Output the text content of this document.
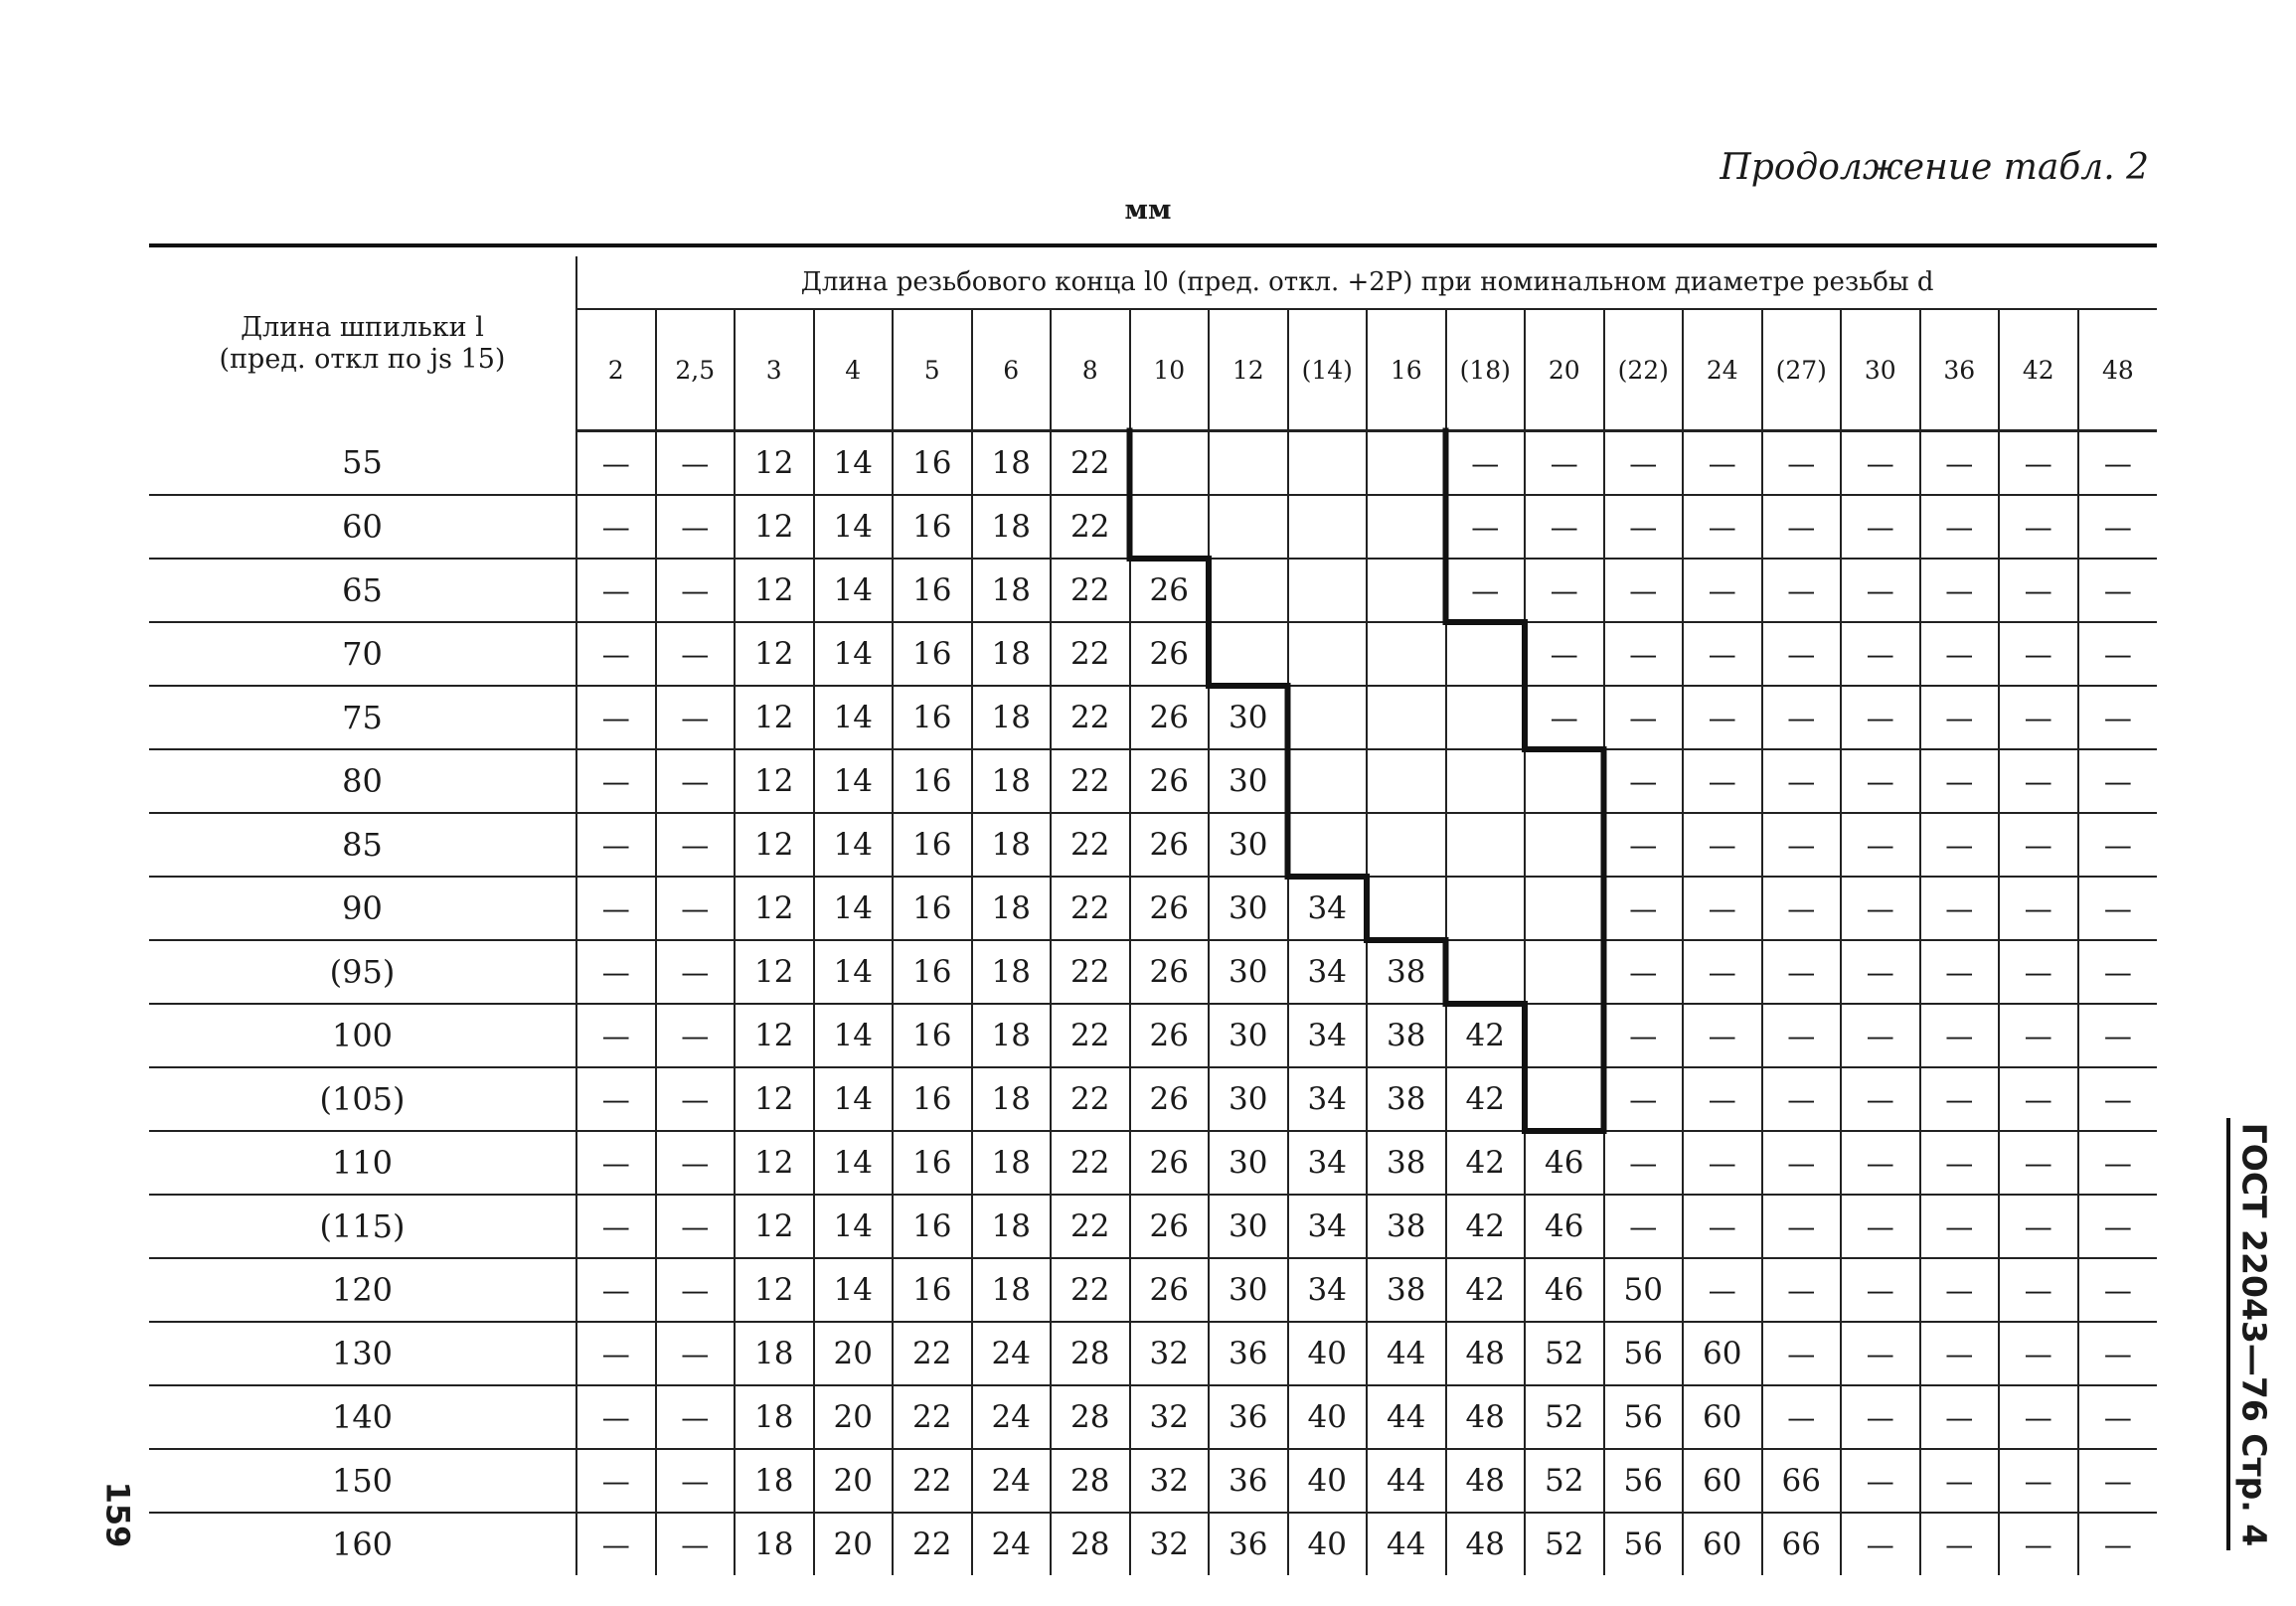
Продолжение табл. 2
мм
Длина шпильки l
(пред. откл по js 15)	Длина резьбового конца l0 (пред. откл. +2P) при номинальном диаметре резьбы d																			
	2	2,5	3	4	5	6	8	10	12	(14)	16	(18)	20	(22)	24	(27)	30	36	42	48
55	—	—	12	14	16	18	22					—	—	—	—	—	—	—	—	—
60	—	—	12	14	16	18	22					—	—	—	—	—	—	—	—	—
65	—	—	12	14	16	18	22	26				—	—	—	—	—	—	—	—	—
70	—	—	12	14	16	18	22	26					—	—	—	—	—	—	—	—
75	—	—	12	14	16	18	22	26	30				—	—	—	—	—	—	—	—
80	—	—	12	14	16	18	22	26	30					—	—	—	—	—	—	—
85	—	—	12	14	16	18	22	26	30					—	—	—	—	—	—	—
90	—	—	12	14	16	18	22	26	30	34				—	—	—	—	—	—	—
(95)	—	—	12	14	16	18	22	26	30	34	38			—	—	—	—	—	—	—
100	—	—	12	14	16	18	22	26	30	34	38	42		—	—	—	—	—	—	—
(105)	—	—	12	14	16	18	22	26	30	34	38	42		—	—	—	—	—	—	—
110	—	—	12	14	16	18	22	26	30	34	38	42	46	—	—	—	—	—	—	—
(115)	—	—	12	14	16	18	22	26	30	34	38	42	46	—	—	—	—	—	—	—
120	—	—	12	14	16	18	22	26	30	34	38	42	46	50	—	—	—	—	—	—
130	—	—	18	20	22	24	28	32	36	40	44	48	52	56	60	—	—	—	—	—
140	—	—	18	20	22	24	28	32	36	40	44	48	52	56	60	—	—	—	—	—
150	—	—	18	20	22	24	28	32	36	40	44	48	52	56	60	66	—	—	—	—
160	—	—	18	20	22	24	28	32	36	40	44	48	52	56	60	66	—	—	—	—	ГОСТ 22043—76 Стр. 4
159
